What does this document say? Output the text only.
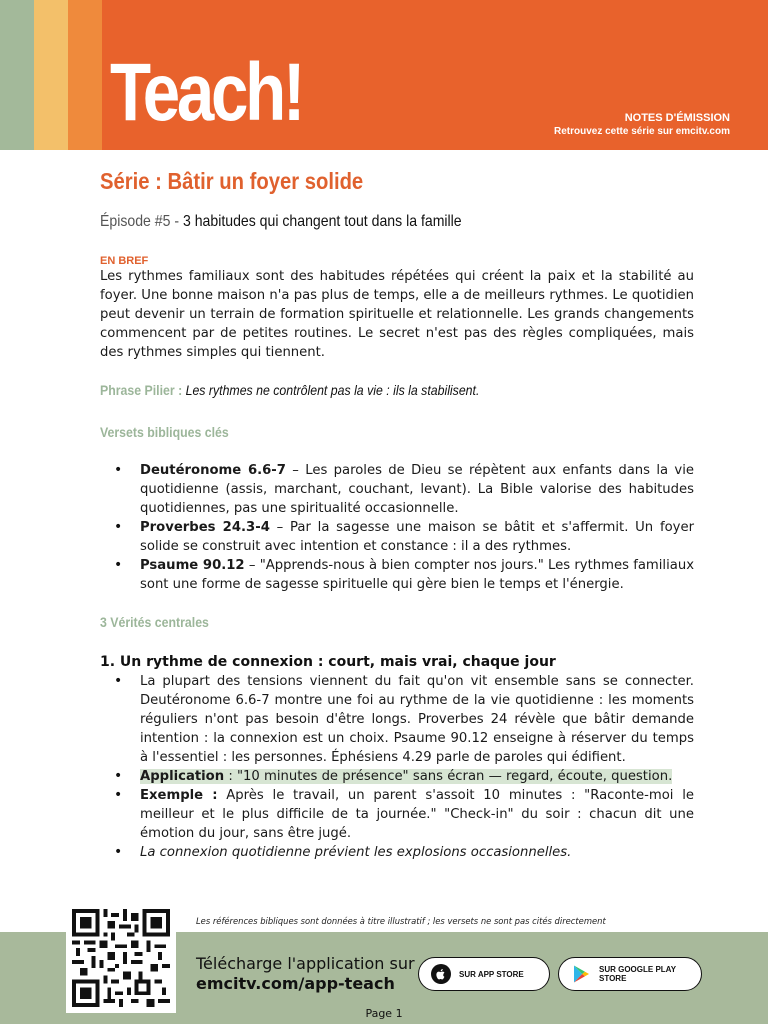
Teach!	NOTES D'ÉMISSION
Retrouvez cette série sur emcitv.com
Série : Bâtir un foyer solide
Épisode #5 - 3 habitudes qui changent tout dans la famille
EN BREF

Les rythmes familiaux sont des habitudes répétées qui créent la paix et la stabilité au foyer. Une bonne maison n'a pas plus de temps, elle a de meilleurs rythmes. Le quotidien peut devenir un terrain de formation spirituelle et relationnelle. Les grands changements commencent par de petites routines. Le secret n'est pas des règles compliquées, mais des rythmes simples qui tiennent.

Phrase Pilier : Les rythmes ne contrôlent pas la vie : ils la stabilisent.
Versets bibliques clés
• Deutéronome 6.6-7 – Les paroles de Dieu se répètent aux enfants dans la vie quotidienne (assis, marchant, couchant, levant). La Bible valorise des habitudes quotidiennes, pas une spiritualité occasionnelle.
• Proverbes 24.3-4 – Par la sagesse une maison se bâtit et s'affermit. Un foyer solide se construit avec intention et constance : il a des rythmes.
• Psaume 90.12 – "Apprends-nous à bien compter nos jours." Les rythmes familiaux sont une forme de sagesse spirituelle qui gère bien le temps et l'énergie.
3 Vérités centrales
1. Un rythme de connexion : court, mais vrai, chaque jour
• La plupart des tensions viennent du fait qu'on vit ensemble sans se connecter. Deutéronome 6.6-7 montre une foi au rythme de la vie quotidienne : les moments réguliers n'ont pas besoin d'être longs. Proverbes 24 révèle que bâtir demande intention : la connexion est un choix. Psaume 90.12 enseigne à réserver du temps à l'essentiel : les personnes. Éphésiens 4.29 parle de paroles qui édifient.
• Application : "10 minutes de présence" sans écran — regard, écoute, question.
• Exemple : Après le travail, un parent s'assoit 10 minutes : "Raconte-moi le meilleur et le plus difficile de ta journée." "Check-in" du soir : chacun dit une émotion du jour, sans être jugé.
• La connexion quotidienne prévient les explosions occasionnelles.
Les références bibliques sont données à titre illustratif ; les versets ne sont pas cités directement
Télécharge l'application sur
emcitv.com/app-teach	SUR APP STORE
SUR GOOGLE PLAY STORE
Page 1
